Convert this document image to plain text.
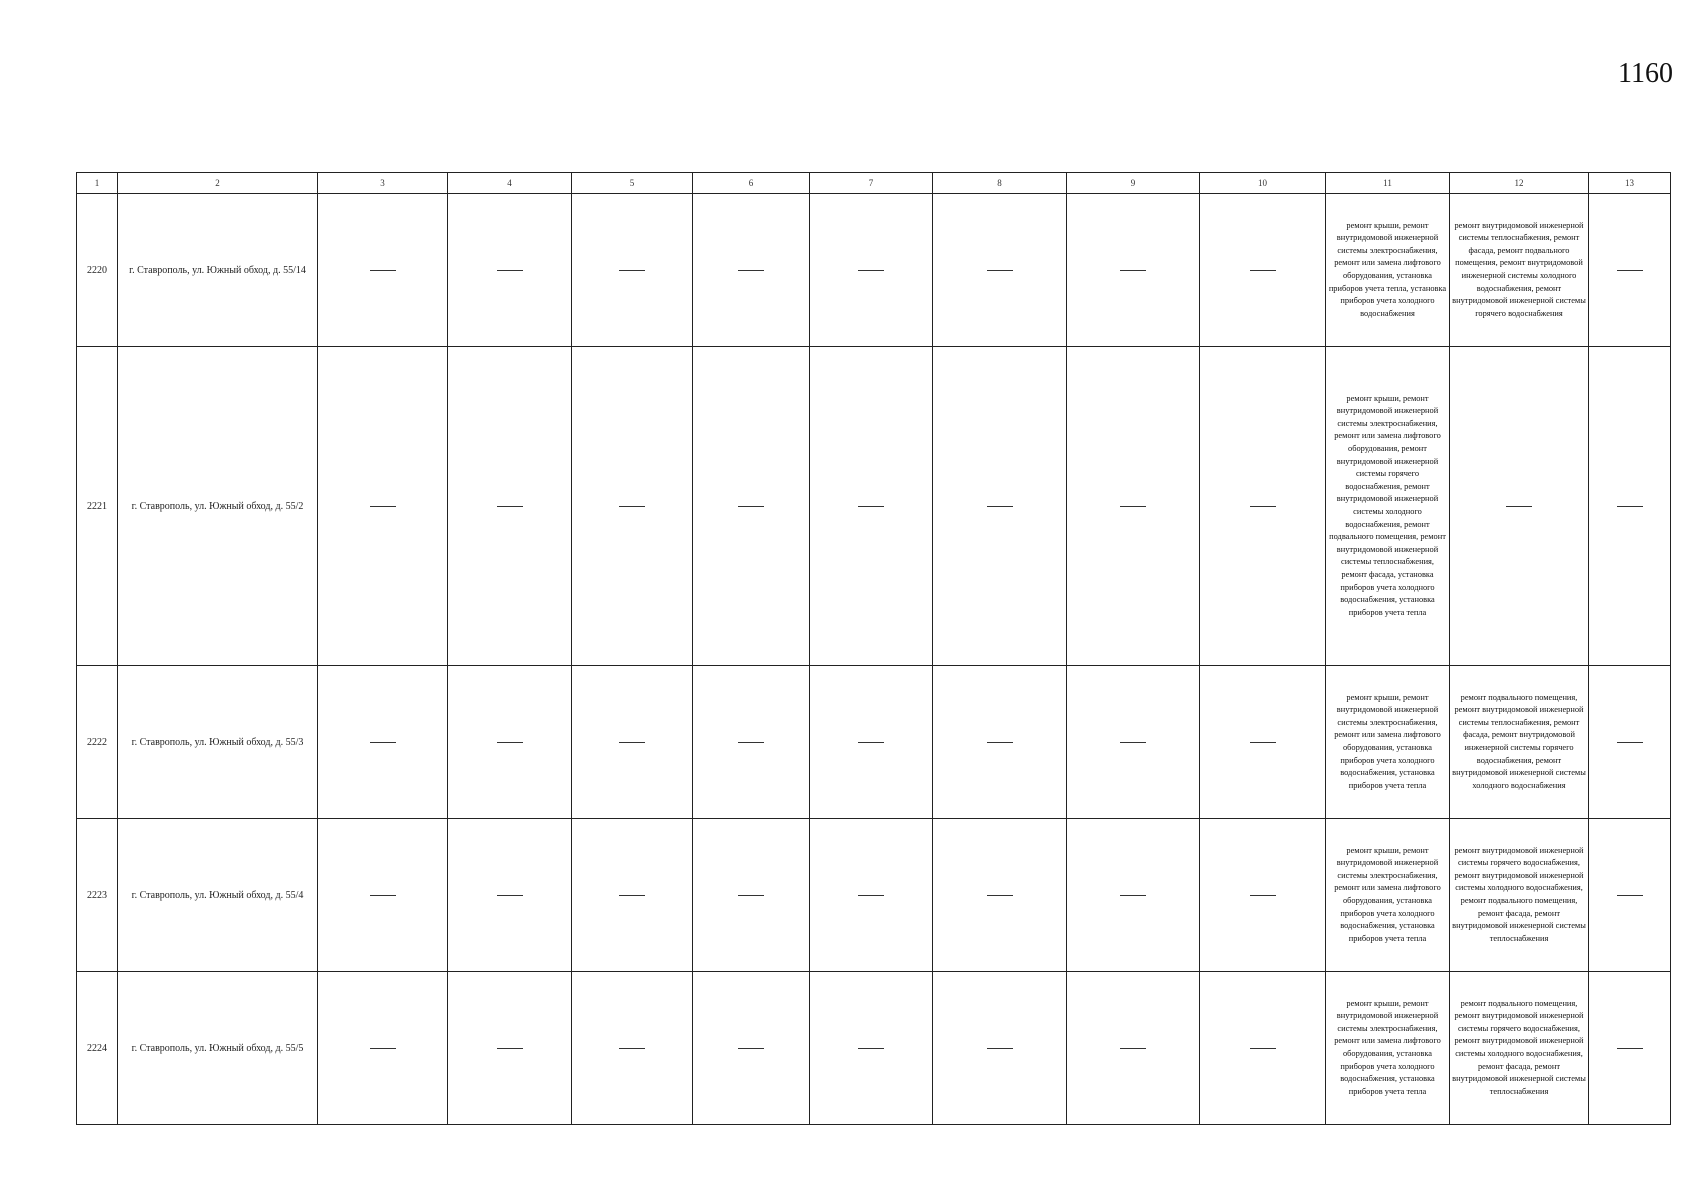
1160
1	2	3	4	5	6	7	8	9	10	11	12	13
2220	г. Ставрополь, ул. Южный обход, д. 55/14									ремонт крыши, ремонт внутридомовой инженерной системы электроснабжения, ремонт или замена лифтового оборудования, установка приборов учета тепла, установка приборов учета холодного водоснабжения	ремонт внутридомовой инженерной системы теплоснабжения, ремонт фасада, ремонт подвального помещения, ремонт внутридомовой инженерной системы холодного водоснабжения, ремонт внутридомовой инженерной системы горячего водоснабжения	
2221	г. Ставрополь, ул. Южный обход, д. 55/2									ремонт крыши, ремонт внутридомовой инженерной системы электроснабжения, ремонт или замена лифтового оборудования, ремонт внутридомовой инженерной системы горячего водоснабжения, ремонт внутридомовой инженерной системы холодного водоснабжения, ремонт подвального помещения, ремонт внутридомовой инженерной системы теплоснабжения, ремонт фасада, установка приборов учета холодного водоснабжения, установка приборов учета тепла		
2222	г. Ставрополь, ул. Южный обход, д. 55/3									ремонт крыши, ремонт внутридомовой инженерной системы электроснабжения, ремонт или замена лифтового оборудования, установка приборов учета холодного водоснабжения, установка приборов учета тепла	ремонт подвального помещения, ремонт внутридомовой инженерной системы теплоснабжения, ремонт фасада, ремонт внутридомовой инженерной системы горячего водоснабжения, ремонт внутридомовой инженерной системы холодного водоснабжения	
2223	г. Ставрополь, ул. Южный обход, д. 55/4									ремонт крыши, ремонт внутридомовой инженерной системы электроснабжения, ремонт или замена лифтового оборудования, установка приборов учета холодного водоснабжения, установка приборов учета тепла	ремонт внутридомовой инженерной системы горячего водоснабжения, ремонт внутридомовой инженерной системы холодного водоснабжения, ремонт подвального помещения, ремонт фасада, ремонт внутридомовой инженерной системы теплоснабжения	
2224	г. Ставрополь, ул. Южный обход, д. 55/5									ремонт крыши, ремонт внутридомовой инженерной системы электроснабжения, ремонт или замена лифтового оборудования, установка приборов учета холодного водоснабжения, установка приборов учета тепла	ремонт подвального помещения, ремонт внутридомовой инженерной системы горячего водоснабжения, ремонт внутридомовой инженерной системы холодного водоснабжения, ремонт фасада, ремонт внутридомовой инженерной системы теплоснабжения	
